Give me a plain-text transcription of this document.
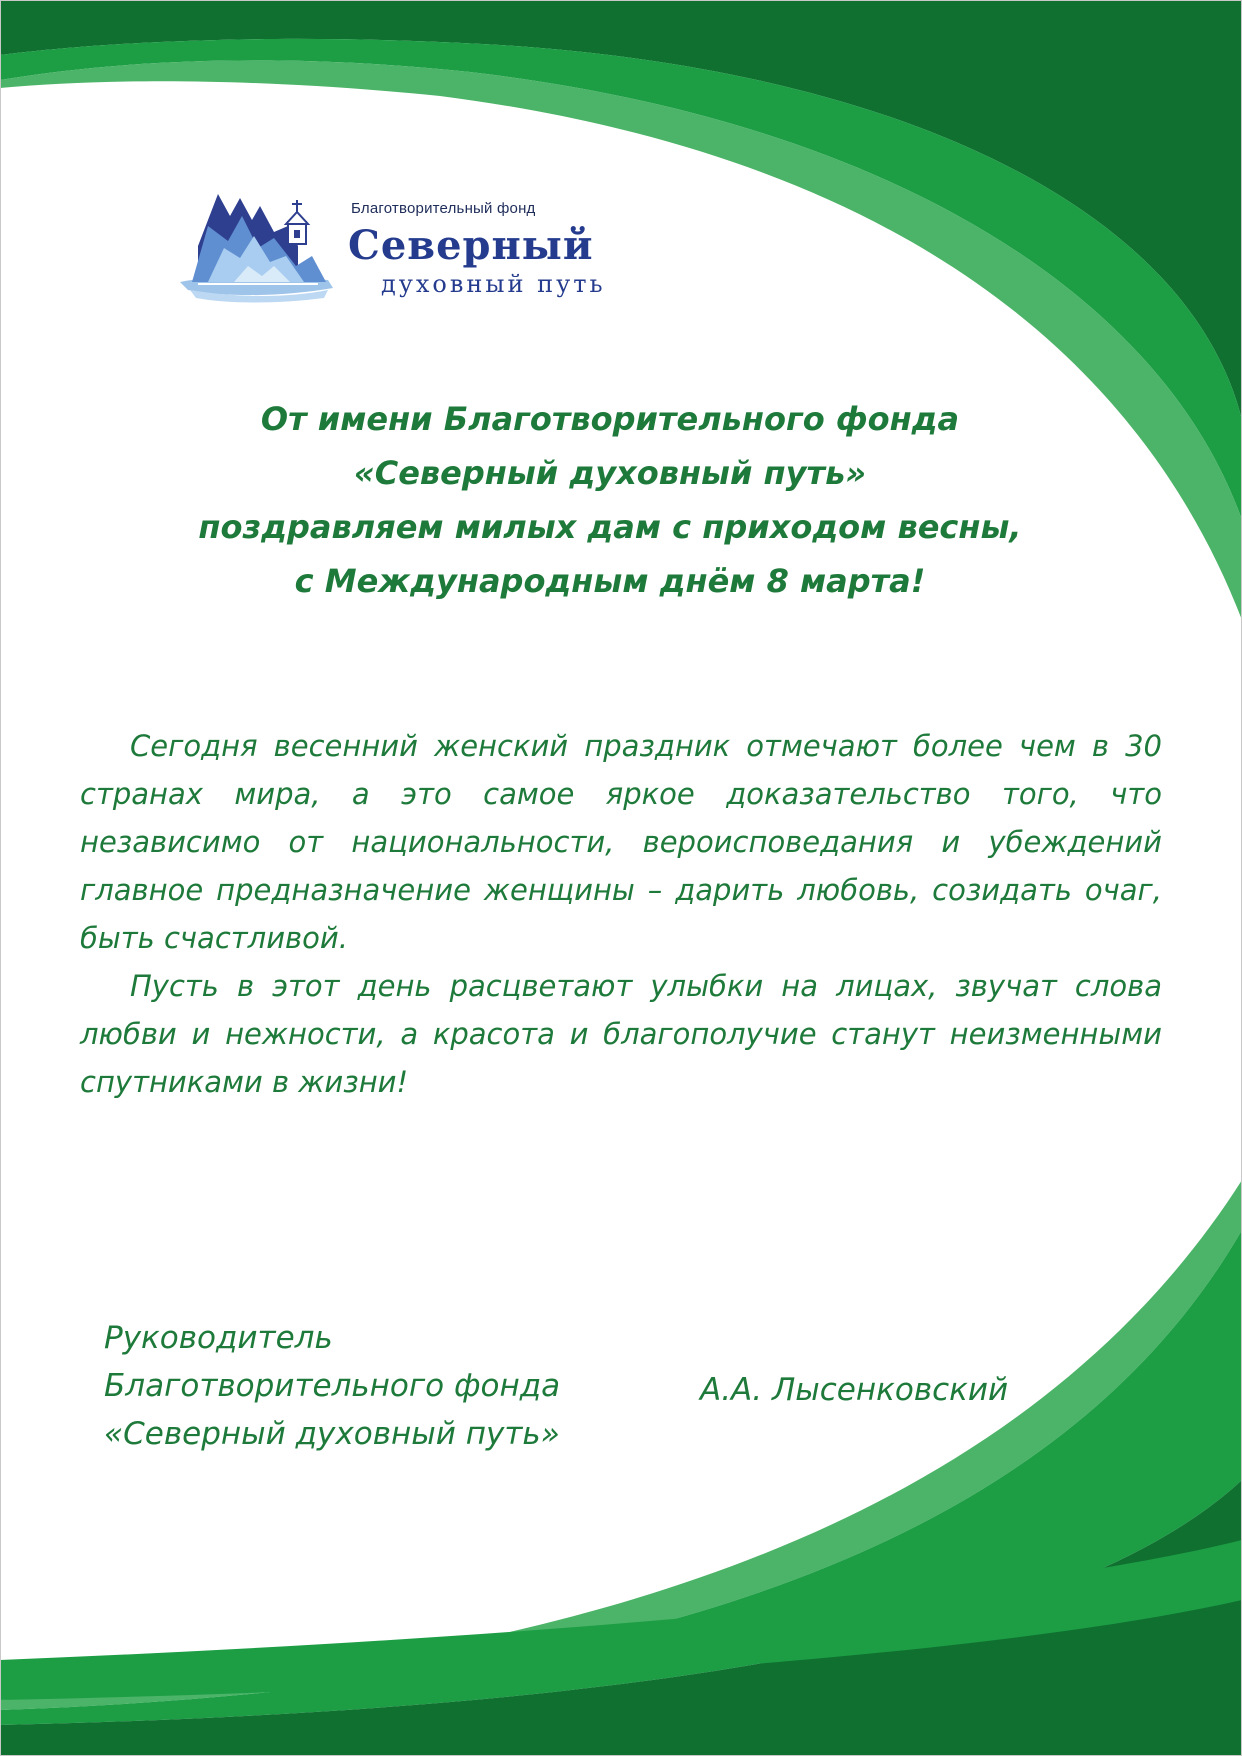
Благотворительный фонд
Северный
духовный путь
От имени Благотворительного фонда
«Северный духовный путь»
поздравляем милых дам с приходом весны,
с Международным днём 8 марта!

Сегодня весенний женский праздник отмечают более чем в 30 странах мира, а это самое яркое доказательство того, что независимо от национальности, вероисповедания и убеждений главное предназначение женщины – дарить любовь, созидать очаг, быть счастливой.

Пусть в этот день расцветают улыбки на лицах, звучат слова любви и нежности, а красота и благополучие станут неизменными спутниками в жизни!

Руководитель
Благотворительного фонда
«Северный духовный путь»
А.А. Лысенковский
